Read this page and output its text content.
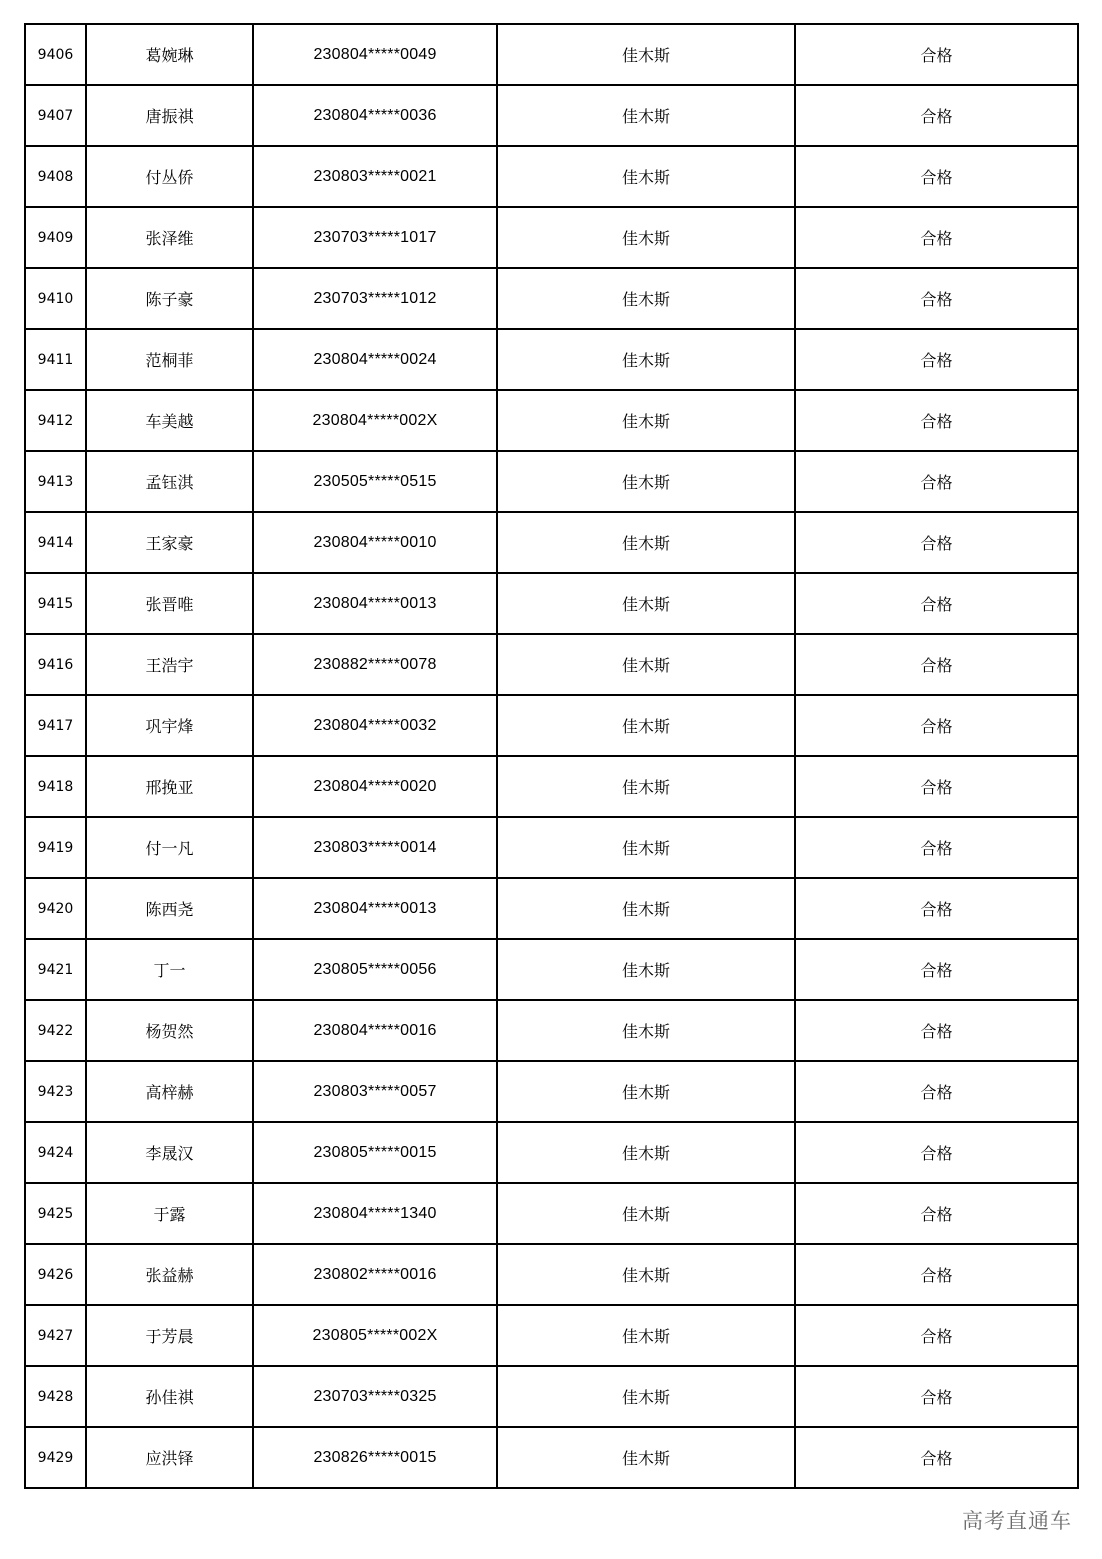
9406	葛婉琳	230804*****0049	佳木斯	合格
9407	唐振祺	230804*****0036	佳木斯	合格
9408	付丛侨	230803*****0021	佳木斯	合格
9409	张泽维	230703*****1017	佳木斯	合格
9410	陈子豪	230703*****1012	佳木斯	合格
9411	范桐菲	230804*****0024	佳木斯	合格
9412	车美越	230804*****002X	佳木斯	合格
9413	孟钰淇	230505*****0515	佳木斯	合格
9414	王家豪	230804*****0010	佳木斯	合格
9415	张晋唯	230804*****0013	佳木斯	合格
9416	王浩宇	230882*****0078	佳木斯	合格
9417	巩宇烽	230804*****0032	佳木斯	合格
9418	邢挽亚	230804*****0020	佳木斯	合格
9419	付一凡	230803*****0014	佳木斯	合格
9420	陈西尧	230804*****0013	佳木斯	合格
9421	丁一	230805*****0056	佳木斯	合格
9422	杨贺然	230804*****0016	佳木斯	合格
9423	高梓赫	230803*****0057	佳木斯	合格
9424	李晟汉	230805*****0015	佳木斯	合格
9425	于露	230804*****1340	佳木斯	合格
9426	张益赫	230802*****0016	佳木斯	合格
9427	于芳晨	230805*****002X	佳木斯	合格
9428	孙佳祺	230703*****0325	佳木斯	合格
9429	应洪铎	230826*****0015	佳木斯	合格
高考直通车
